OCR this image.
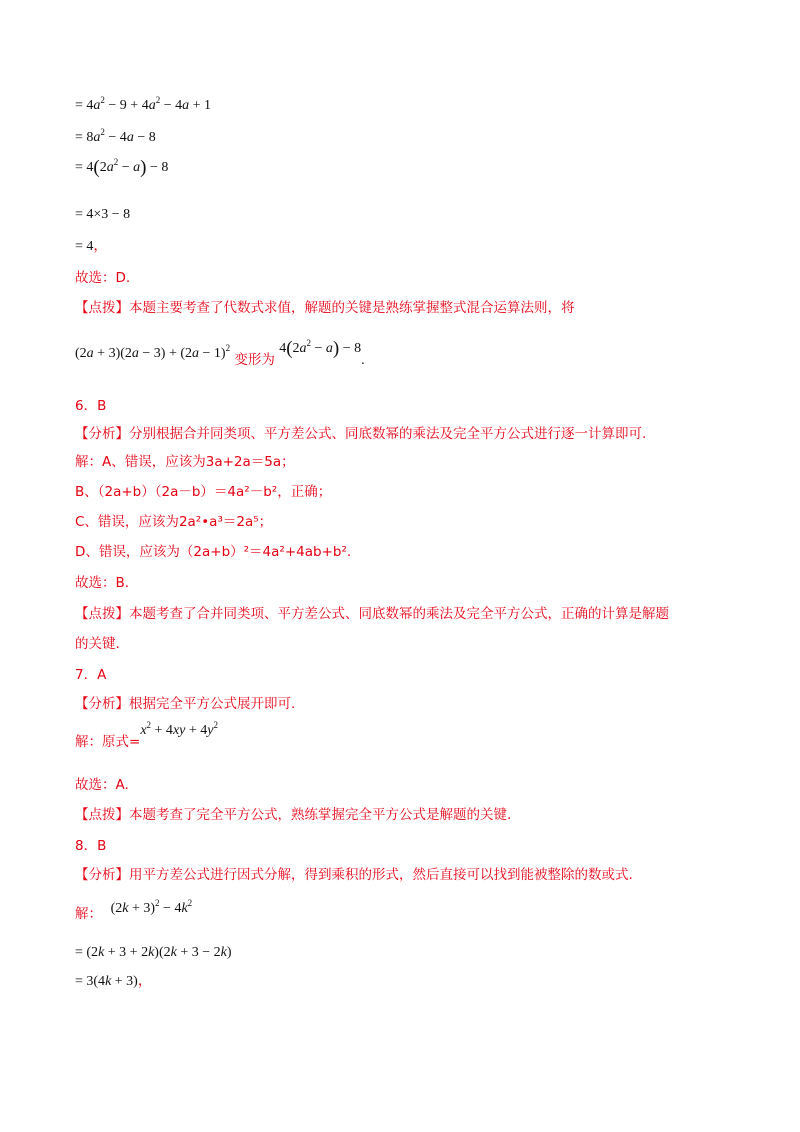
= $4a^2 - 9 + 4a^2 - 4a + 1$
= $8a^2 - 4a - 8$
= $4(2a^2 - a) - 8$
= 4×3 − 8
= 4，
故选：D.
【点拨】本题主要考查了代数式求值，解题的关键是熟练掌握整式混合运算法则，将
$(2a + 3)(2a - 3) + (2a - 1)^2$ 变形为 $4(2a^2 - a) - 8$.
6．B
【分析】分别根据合并同类项、平方差公式、同底数幂的乘法及完全平方公式进行逐一计算即可.
解：A、错误，应该为3a+2a＝5a；
B、（2a+b）（2a－b）＝4a²－b²，正确；
C、错误，应该为2a²•a³＝2a⁵；
D、错误，应该为（2a+b）²＝4a²+4ab+b².
故选：B.
【点拨】本题考查了合并同类项、平方差公式、同底数幂的乘法及完全平方公式，正确的计算是解题
的关键.
7．A
【分析】根据完全平方公式展开即可.
解：原式$=x^2 + 4xy + 4y^2$
故选：A.
【点拨】本题考查了完全平方公式，熟练掌握完全平方公式是解题的关键.
8．B
【分析】用平方差公式进行因式分解，得到乘积的形式，然后直接可以找到能被整除的数或式.
解： $(2k + 3)^2 - 4k^2$
= (2k + 3 + 2k)(2k + 3 − 2k)
= 3(4k + 3)，
